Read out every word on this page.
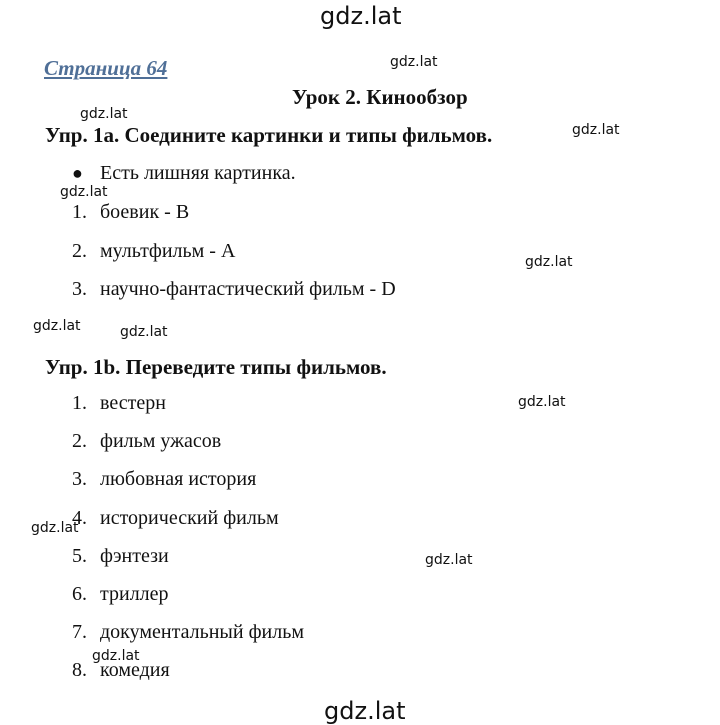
gdz.lat
gdz.lat
gdz.lat
gdz.lat
gdz.lat
gdz.lat
gdz.lat	gdz.lat
gdz.lat
gdz.lat
gdz.lat
gdz.lat
gdz.lat
Страница 64
Урок 2. Кинообзор
Упр. 1a. Соедините картинки и типы фильмов.
● Есть лишняя картинка.
1. боевик - B
2. мультфильм - A
3. научно-фантастический фильм - D
Упр. 1b. Переведите типы фильмов.
1. вестерн
2. фильм ужасов
3. любовная история
4. исторический фильм
5. фэнтези
6. триллер
7. документальный фильм
8. комедия
